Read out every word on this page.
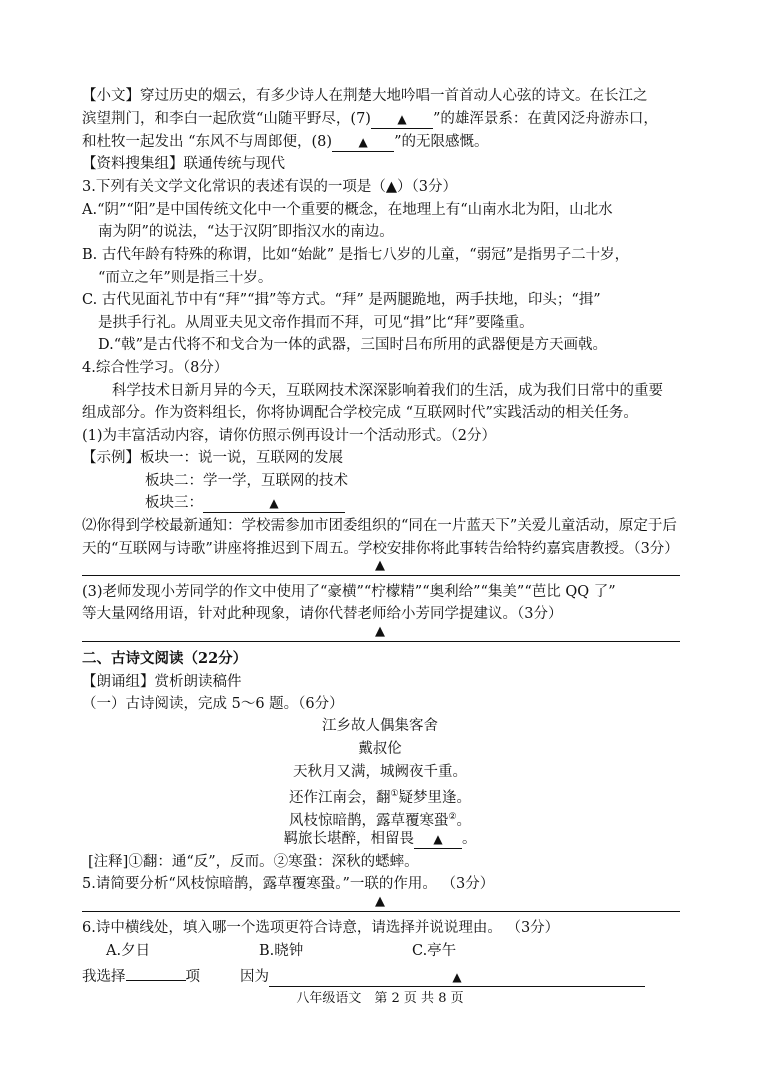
【小文】穿过历史的烟云，有多少诗人在荆楚大地吟唱一首首动人心弦的诗文。在长江之
滨望荆门，和李白一起欣赏“山随平野尽，(7) ▲ ”的雄浑景系：在黄冈泛舟游赤口，
和杜牧一起发出 “东风不与周郎便，(8) ▲ ”的无限感慨。
【资料搜集组】联通传统与现代
3.下列有关文学文化常识的表述有误的一项是（▲）（3分）
A.“阴”“阳”是中国传统文化中一个重要的概念，在地理上有“山南水北为阳，山北水
南为阴”的说法，“达于汉阴″即指汉水的南边。
B. 古代年龄有特殊的称谓，比如“始龀” 是指七八岁的儿童，“弱冠”是指男子二十岁，
“而立之年”则是指三十岁。
C. 古代见面礼节中有“拜”“揖”等方式。“拜” 是两腿跪地，两手扶地，印头；“揖”
是拱手行礼。从周亚夫见文帝作揖而不拜，可见“揖”比“拜”要隆重。
D.“戟”是古代将不和戈合为一体的武器，三国时吕布所用的武器便是方天画戟。
4.综合性学习。（8分）
科学技术日新月异的今天，互联网技术深深影响着我们的生活，成为我们日常中的重要
组成部分。作为资料组长，你将协调配合学校完成 “互联网时代”实践活动的相关任务。
(1)为丰富活动内容，请你仿照示例再设计一个活动形式。（2分）
【示例】板块一：说一说，互联网的发展
板块二：学一学，互联网的技术
板块三：	▲
⑵你得到学校最新通知：学校需参加市团委组织的“同在一片蓝天下”关爱儿童活动，原定于后
天的“互联网与诗歌”讲座将推迟到下周五。学校安排你将此事转告给特约嘉宾唐教授。（3分）
▲
(3)老师发现小芳同学的作文中使用了“豪横”“柠檬精”“奥利给”“集美”“芭比 QQ 了”
等大量网络用语，针对此种现象，请你代替老师给小芳同学提建议。（3分）
▲
二、古诗文阅读（22分）
【朗诵组】赏析朗读稿件
（一）古诗阅读，完成 5～6 题。（6分）
江乡故人偶集客舍
戴叔伦
天秋月又满，城阙夜千重。
还作江南会，翻①疑梦里逢。
风枝惊暗鹊，露草覆寒蛩②。
羁旅长堪醉，相留畏 ▲ 。
[注释]①翻：通“反”，反而。②寒蛩：深秋的蟋蟀。
5.请简要分析“风枝惊暗鹊，露草覆寒蛩。”一联的作用。 （3分）
▲
6.诗中横线处，填入哪一个选项更符合诗意，请选择并说说理由。 （3分）
A.夕日	B.晓钟	C.亭午
我选择	项	因为	▲
八年级语文　第 2 页 共 8 页
